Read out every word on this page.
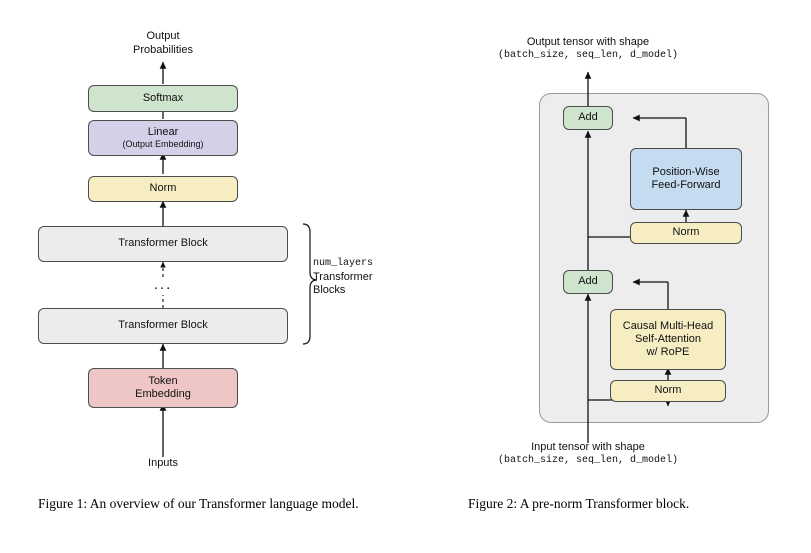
Output
Probabilities
Softmax
Linear
(Output Embedding)
Norm
Transformer Block
...
Transformer Block
Token
Embedding
num_layers
Transformer
Blocks
Inputs
Figure 1: An overview of our Transformer language model.
Output tensor with shape
(batch_size, seq_len, d_model)
Add
Position-Wise
Feed-Forward
Norm
Add
Causal Multi-Head
Self-Attention
w/ RoPE
Norm
Input tensor with shape
(batch_size, seq_len, d_model)
Figure 2: A pre-norm Transformer block.
